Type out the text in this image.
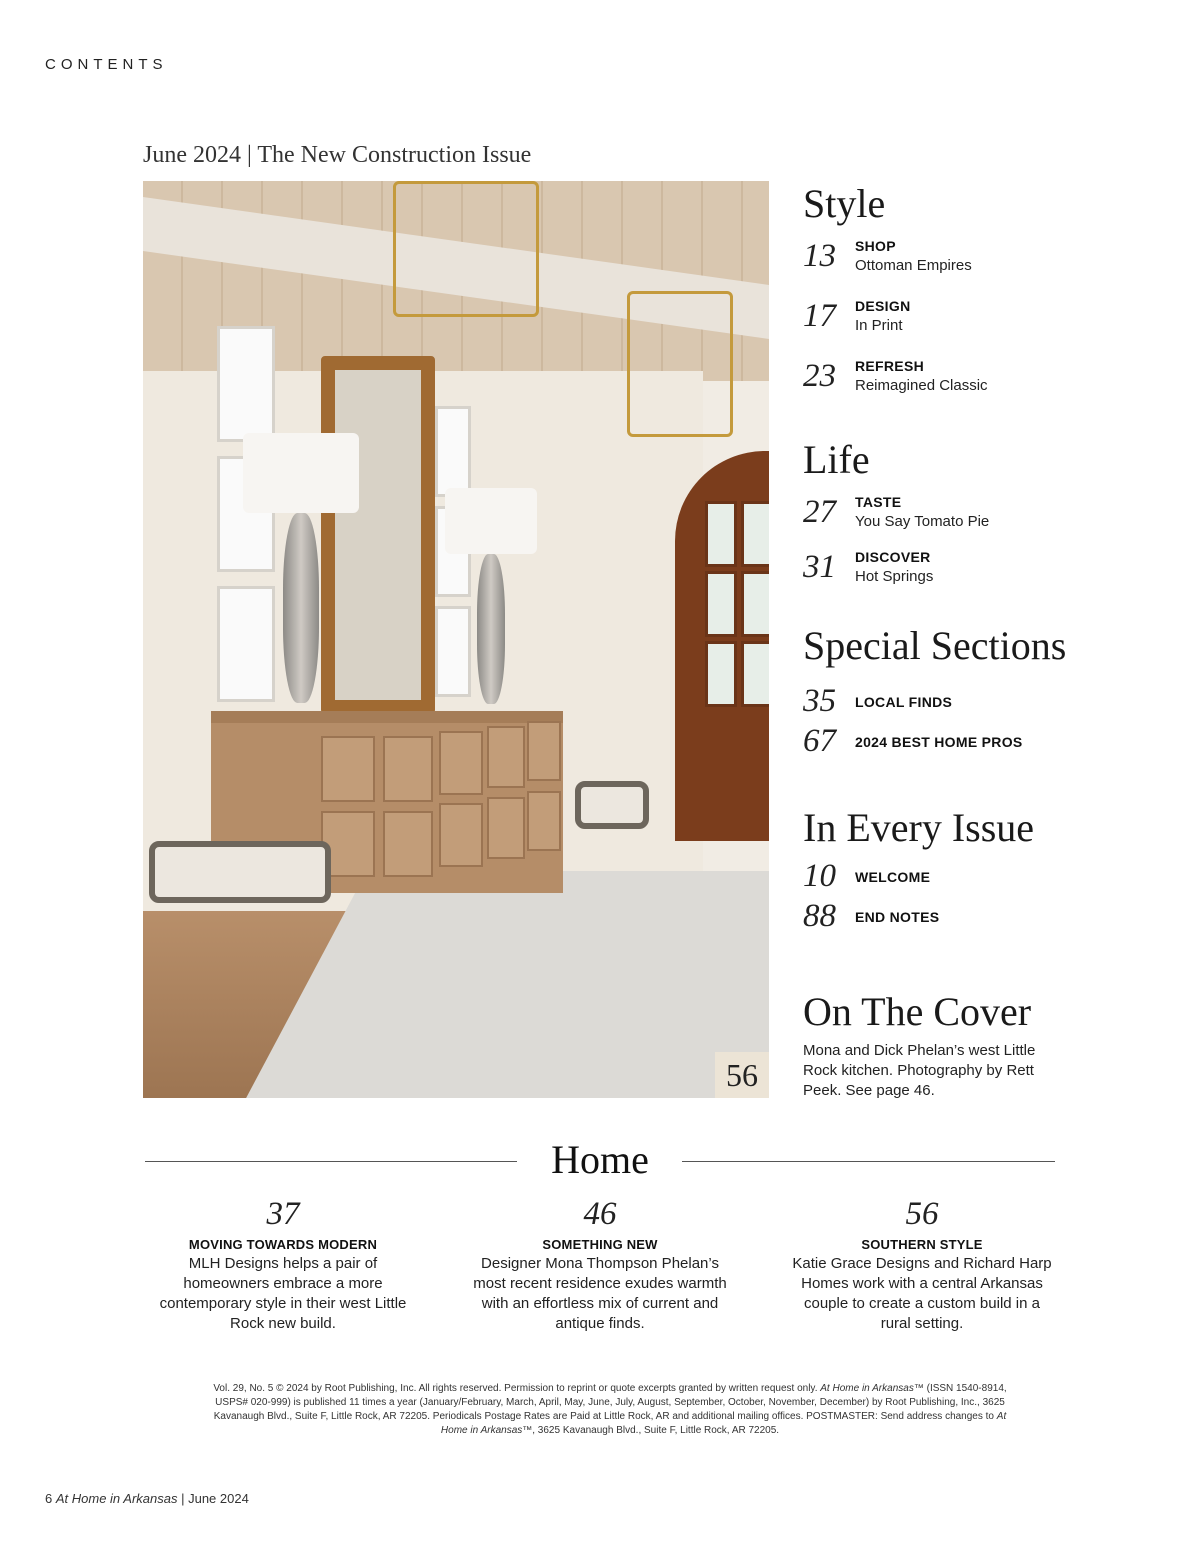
CONTENTS
June 2024 | The New Construction Issue
56
Style
13 SHOP
Ottoman Empires
17 DESIGN
In Print
23 REFRESH
Reimagined Classic
Life
27 TASTE
You Say Tomato Pie
31 DISCOVER
Hot Springs
Special Sections
35 LOCAL FINDS
67 2024 BEST HOME PROS
In Every Issue
10 WELCOME
88 END NOTES
On The Cover
Mona and Dick Phelan’s west Little Rock kitchen. Photography by Rett Peek. See page 46.
Home
37
MOVING TOWARDS MODERN
MLH Designs helps a pair of homeowners embrace a more contemporary style in their west Little Rock new build.
46
SOMETHING NEW
Designer Mona Thompson Phelan’s most recent residence exudes warmth with an effortless mix of current and antique finds.
56
SOUTHERN STYLE
Katie Grace Designs and Richard Harp Homes work with a central Arkansas couple to create a custom build in a rural setting.
Vol. 29, No. 5 © 2024 by Root Publishing, Inc. All rights reserved. Permission to reprint or quote excerpts granted by written request only. At Home in Arkansas™ (ISSN 1540-8914, USPS# 020-999) is published 11 times a year (January/February, March, April, May, June, July, August, September, October, November, December) by Root Publishing, Inc., 3625 Kavanaugh Blvd., Suite F, Little Rock, AR 72205. Periodicals Postage Rates are Paid at Little Rock, AR and additional mailing offices. POSTMASTER: Send address changes to At Home in Arkansas™, 3625 Kavanaugh Blvd., Suite F, Little Rock, AR 72205.
6 At Home in Arkansas | June 2024
